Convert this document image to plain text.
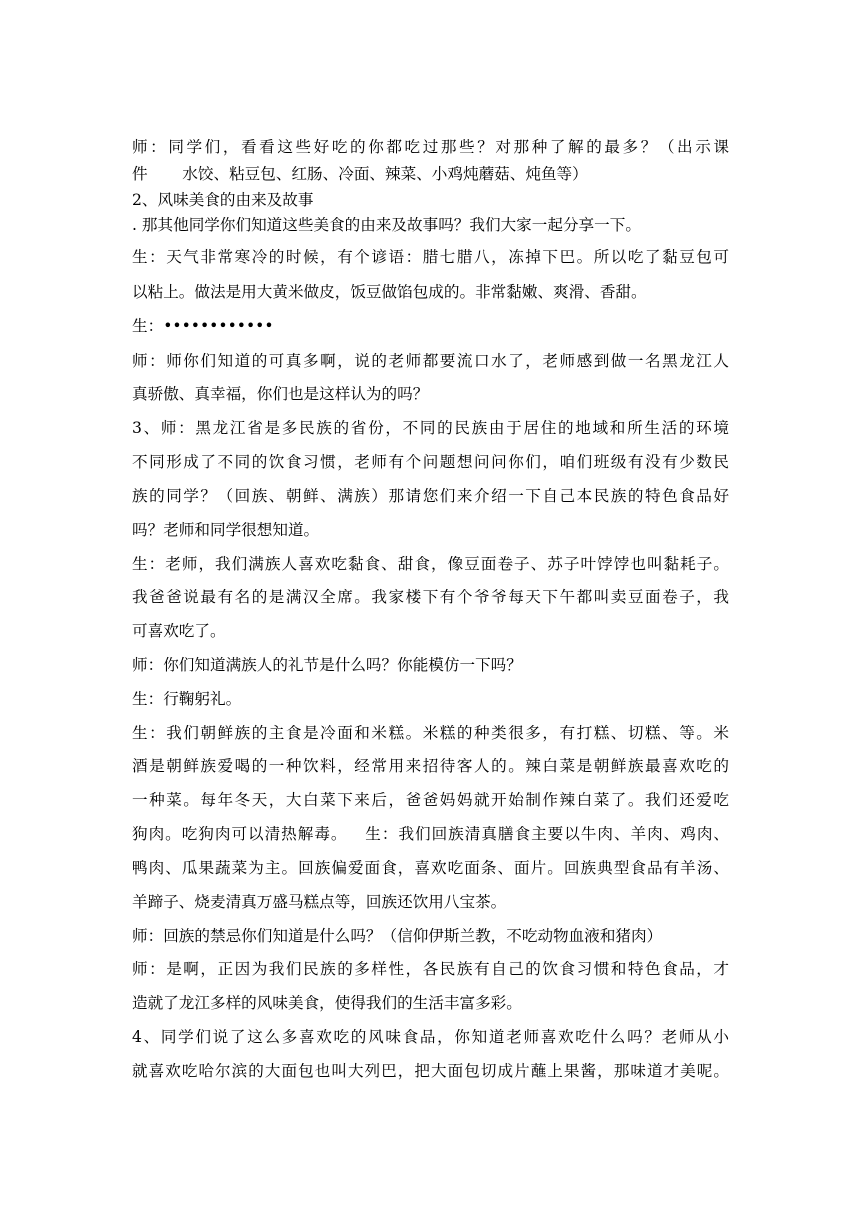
师：同学们，看看这些好吃的你都吃过那些？对那种了解的最多？（出示课
件       水饺、粘豆包、红肠、冷面、辣菜、小鸡炖蘑菇、炖鱼等）
2、风味美食的由来及故事
. 那其他同学你们知道这些美食的由来及故事吗？我们大家一起分享一下。
生：天气非常寒冷的时候，有个谚语：腊七腊八，冻掉下巴。所以吃了黏豆包可
以粘上。做法是用大黄米做皮，饭豆做馅包成的。非常黏嫩、爽滑、香甜。
生：••••••••••••
师：师你们知道的可真多啊，说的老师都要流口水了，老师感到做一名黑龙江人
真骄傲、真幸福，你们也是这样认为的吗？
3、师：黑龙江省是多民族的省份，不同的民族由于居住的地域和所生活的环境
不同形成了不同的饮食习惯，老师有个问题想问问你们，咱们班级有没有少数民
族的同学？（回族、朝鲜、满族）那请您们来介绍一下自己本民族的特色食品好
吗？老师和同学很想知道。
生：老师，我们满族人喜欢吃黏食、甜食，像豆面卷子、苏子叶饽饽也叫黏耗子。
我爸爸说最有名的是满汉全席。我家楼下有个爷爷每天下午都叫卖豆面卷子，我
可喜欢吃了。
师：你们知道满族人的礼节是什么吗？你能模仿一下吗？
生：行鞠躬礼。
生：我们朝鲜族的主食是冷面和米糕。米糕的种类很多，有打糕、切糕、等。米
酒是朝鲜族爱喝的一种饮料，经常用来招待客人的。辣白菜是朝鲜族最喜欢吃的
一种菜。每年冬天，大白菜下来后，爸爸妈妈就开始制作辣白菜了。我们还爱吃
狗肉。吃狗肉可以清热解毒。   生：我们回族清真膳食主要以牛肉、羊肉、鸡肉、
鸭肉、瓜果蔬菜为主。回族偏爱面食，喜欢吃面条、面片。回族典型食品有羊汤、
羊蹄子、烧麦清真万盛马糕点等，回族还饮用八宝茶。
师：回族的禁忌你们知道是什么吗？（信仰伊斯兰教，不吃动物血液和猪肉）
师：是啊，正因为我们民族的多样性，各民族有自己的饮食习惯和特色食品，才
造就了龙江多样的风味美食，使得我们的生活丰富多彩。
4、同学们说了这么多喜欢吃的风味食品，你知道老师喜欢吃什么吗？老师从小
就喜欢吃哈尔滨的大面包也叫大列巴，把大面包切成片蘸上果酱，那味道才美呢。
